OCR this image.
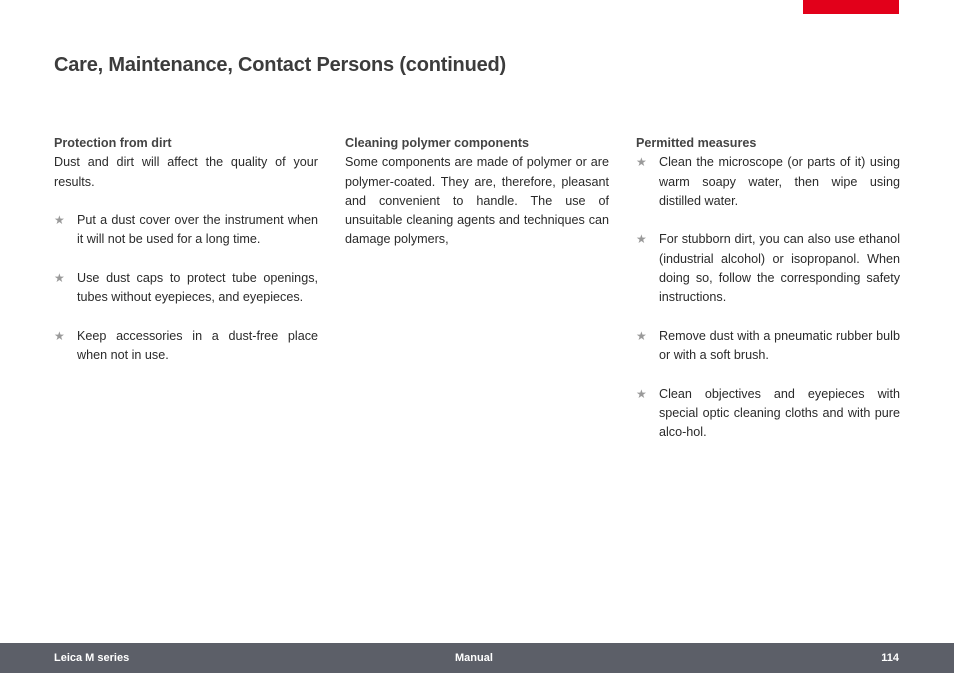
Care, Maintenance, Contact Persons (continued)
Protection from dirt

Dust and dirt will affect the quality of your results.

★ Put a dust cover over the instrument when it will not be used for a long time.
★ Use dust caps to protect tube openings, tubes without eyepieces, and eyepieces.
★ Keep accessories in a dust-free place when not in use.
Cleaning polymer components

Some components are made of polymer or are polymer-coated. They are, therefore, pleasant and convenient to handle. The use of unsuitable cleaning agents and techniques can damage polymers,

Permitted measures
★ Clean the microscope (or parts of it) using warm soapy water, then wipe using distilled water.
★ For stubborn dirt, you can also use ethanol (industrial alcohol) or isopropanol. When doing so, follow the corresponding safety instructions.
★ Remove dust with a pneumatic rubber bulb or with a soft brush.
★ Clean objectives and eyepieces with special optic cleaning cloths and with pure alco-hol.
Leica M series	Manual	114
